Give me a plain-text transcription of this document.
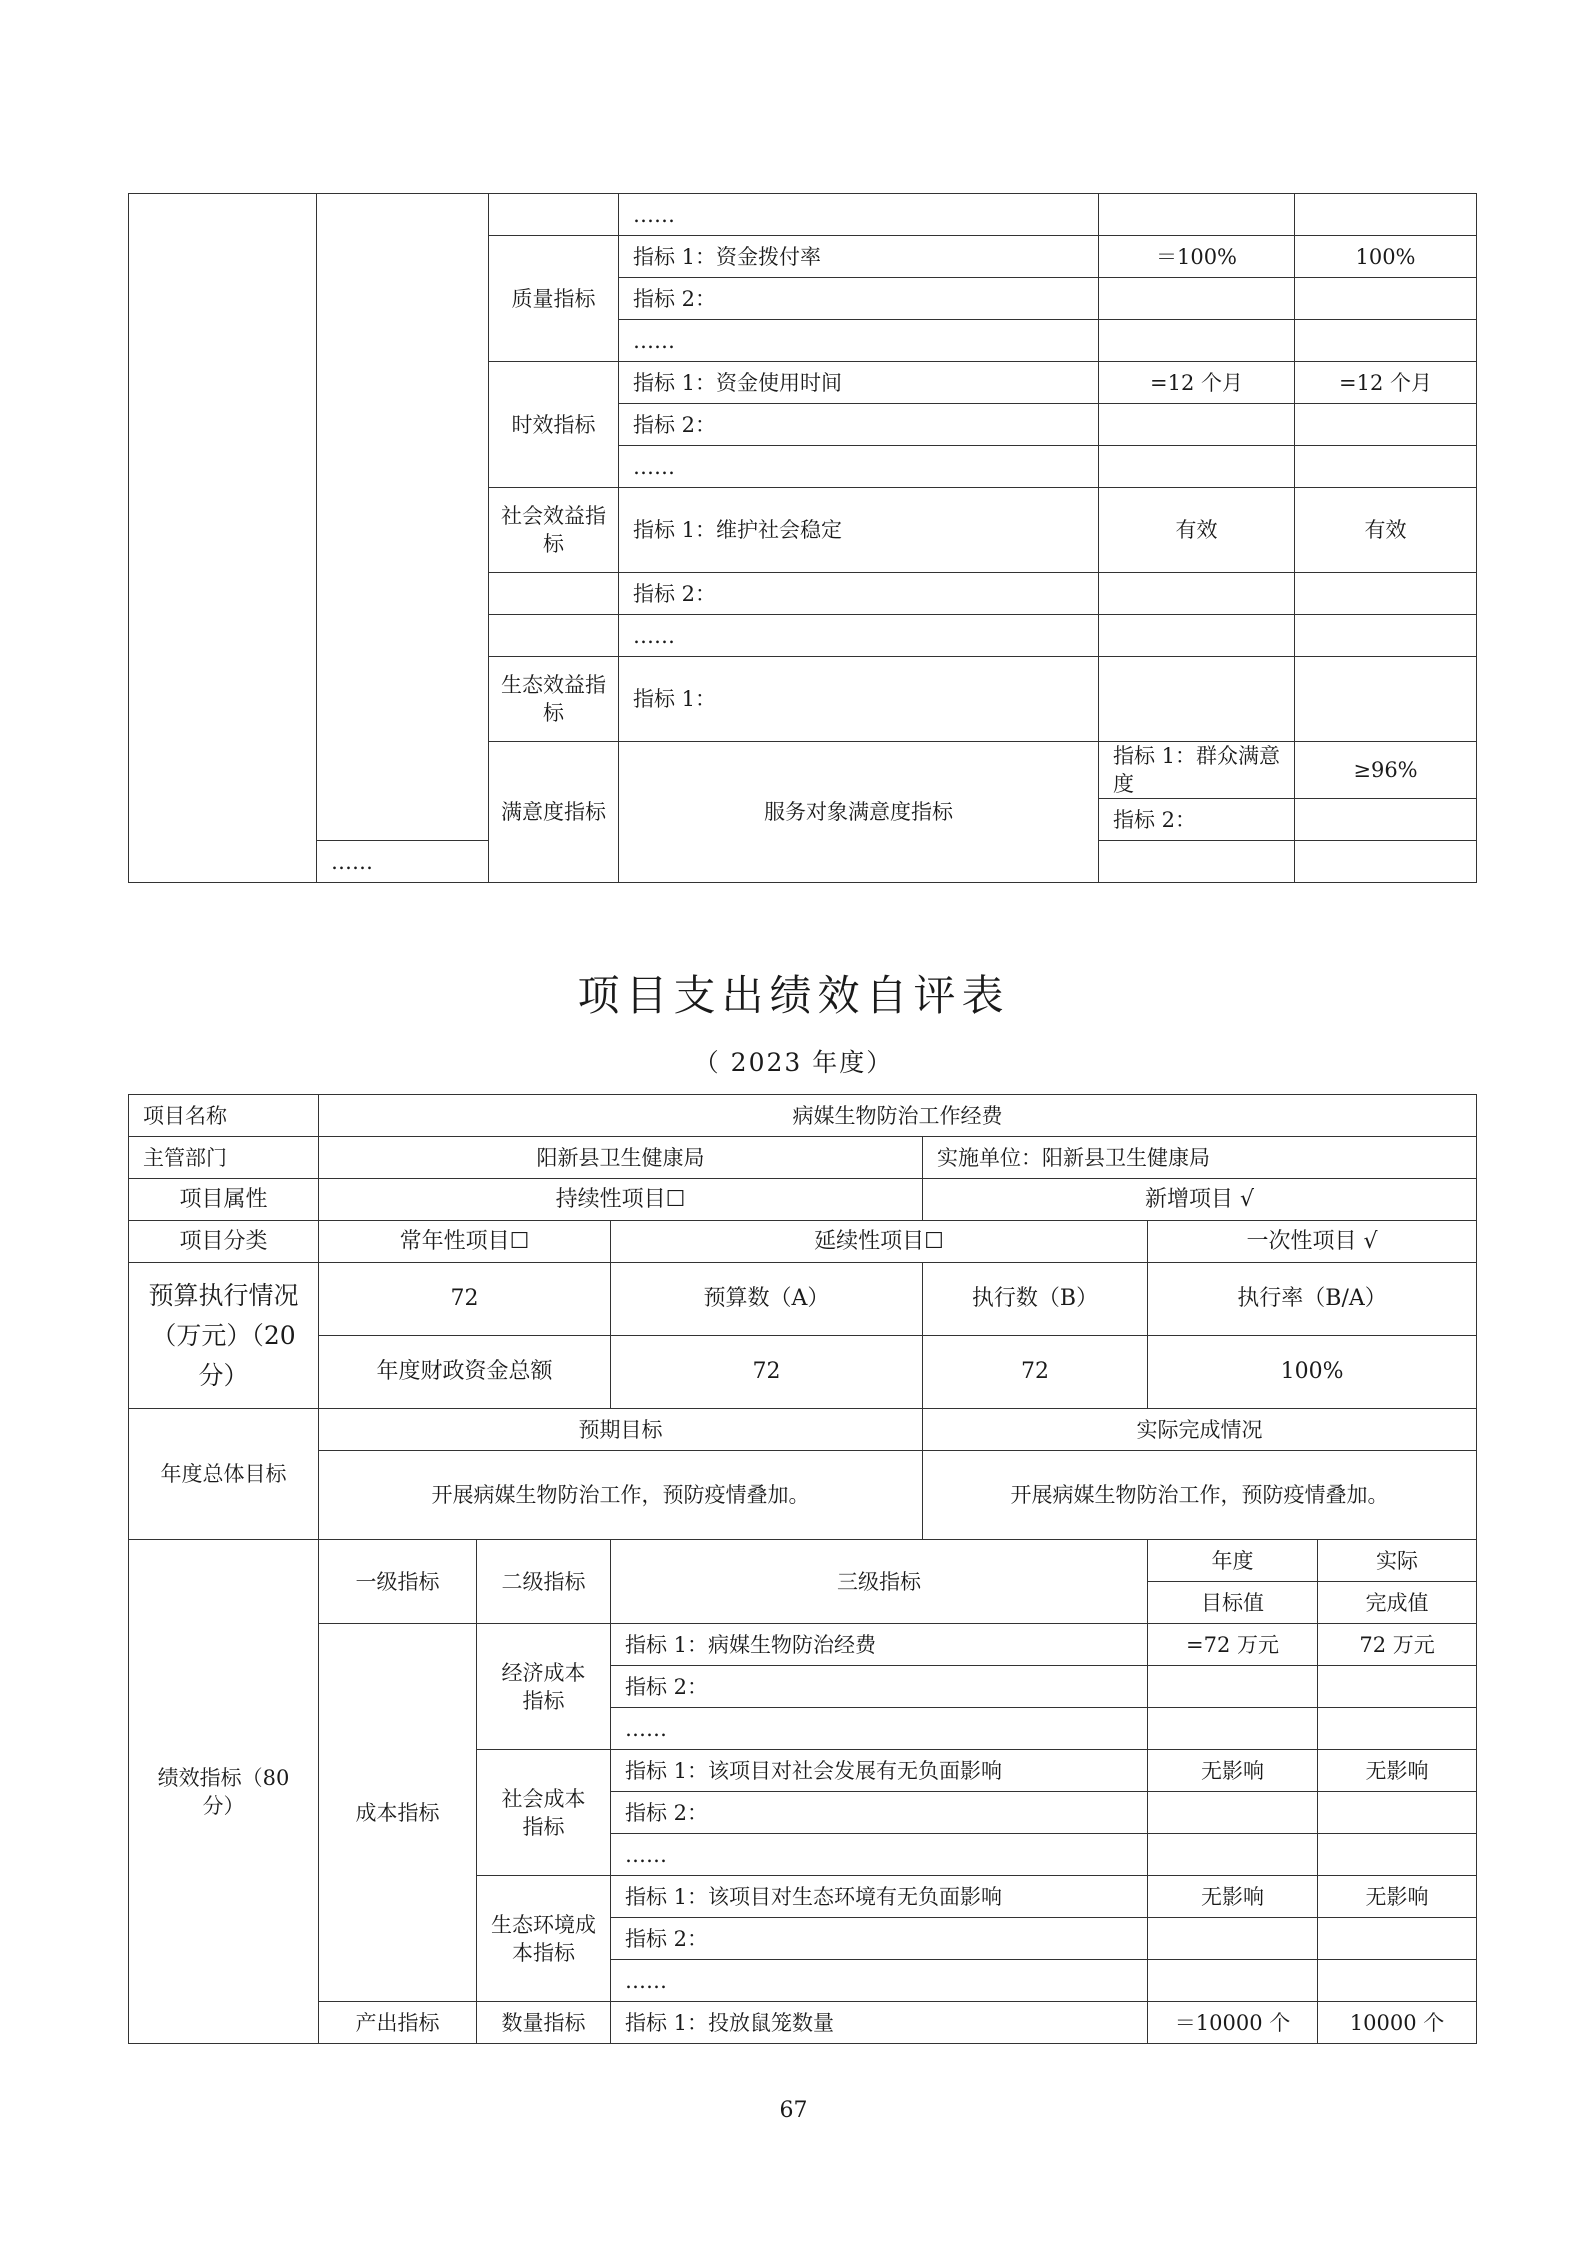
			……			
		质量指标	指标 1：资金拨付率	＝100%	100%	
			指标 2：			
			……			
		时效指标	指标 1：资金使用时间	=12 个月	=12 个月	
			指标 2：			
			……			
		社会效益指标	指标 1：维护社会稳定	有效	有效	
			指标 2：			
			……			
		生态效益指标	指标 1：			
		满意度指标	服务对象满意度指标	指标 1：群众满意度	≥96%	
				指标 2：		
	……					
项目支出绩效自评表
（ 2023 年度）
项目名称	病媒生物防治工作经费					
主管部门	阳新县卫生健康局			实施单位：阳新县卫生健康局		
项目属性	持续性项目☐			新增项目 √		
项目分类	常年性项目☐		延续性项目☐		一次性项目 √	
预算执行情况（万元）（20 分）	72		预算数（A）	执行数（B）	执行率（B/A）	
	年度财政资金总额		72	72	100%	
年度总体目标	预期目标			实际完成情况		
	开展病媒生物防治工作，预防疫情叠加。			开展病媒生物防治工作，预防疫情叠加。		
绩效指标（80分）	一级指标	二级指标	三级指标		年度	实际
					目标值	完成值
	成本指标	经济成本指标	指标 1：病媒生物防治经费		=72 万元	72 万元
			指标 2：			
			……			
		社会成本指标	指标 1：该项目对社会发展有无负面影响		无影响	无影响
			指标 2：			
			……			
		生态环境成本指标	指标 1：该项目对生态环境有无负面影响		无影响	无影响
			指标 2：			
			……			
	产出指标	数量指标	指标 1：投放鼠笼数量		＝10000 个	10000 个
67
